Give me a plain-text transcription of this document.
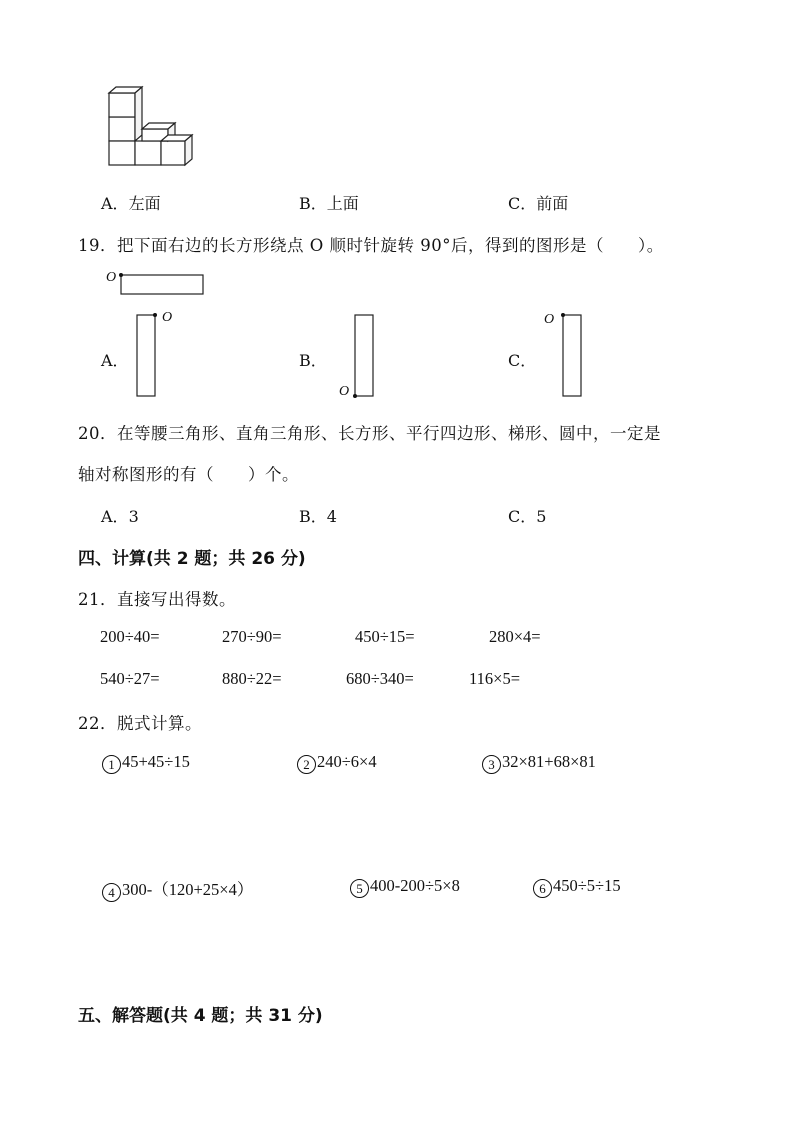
A．左面	B．上面	C．前面
19．把下面右边的长方形绕点 O 顺时针旋转 90°后，得到的图形是（　　）。
O
A．
O
B．
O
C．
O
20．在等腰三角形、直角三角形、长方形、平行四边形、梯形、圆中，一定是
轴对称图形的有（　　）个。
A．3	B．4	C．5
四、计算(共 2 题；共 26 分)
21．直接写出得数。
200÷40=	270÷90=	450÷15=	280×4=
540÷27=	880÷22=	680÷340=	116×5=
22．脱式计算。
1 45+45÷15	2 240÷6×4	3 32×81+68×81
4 300-（120+25×4）	5 400-200÷5×8	6 450÷5÷15
五、解答题(共 4 题；共 31 分)
